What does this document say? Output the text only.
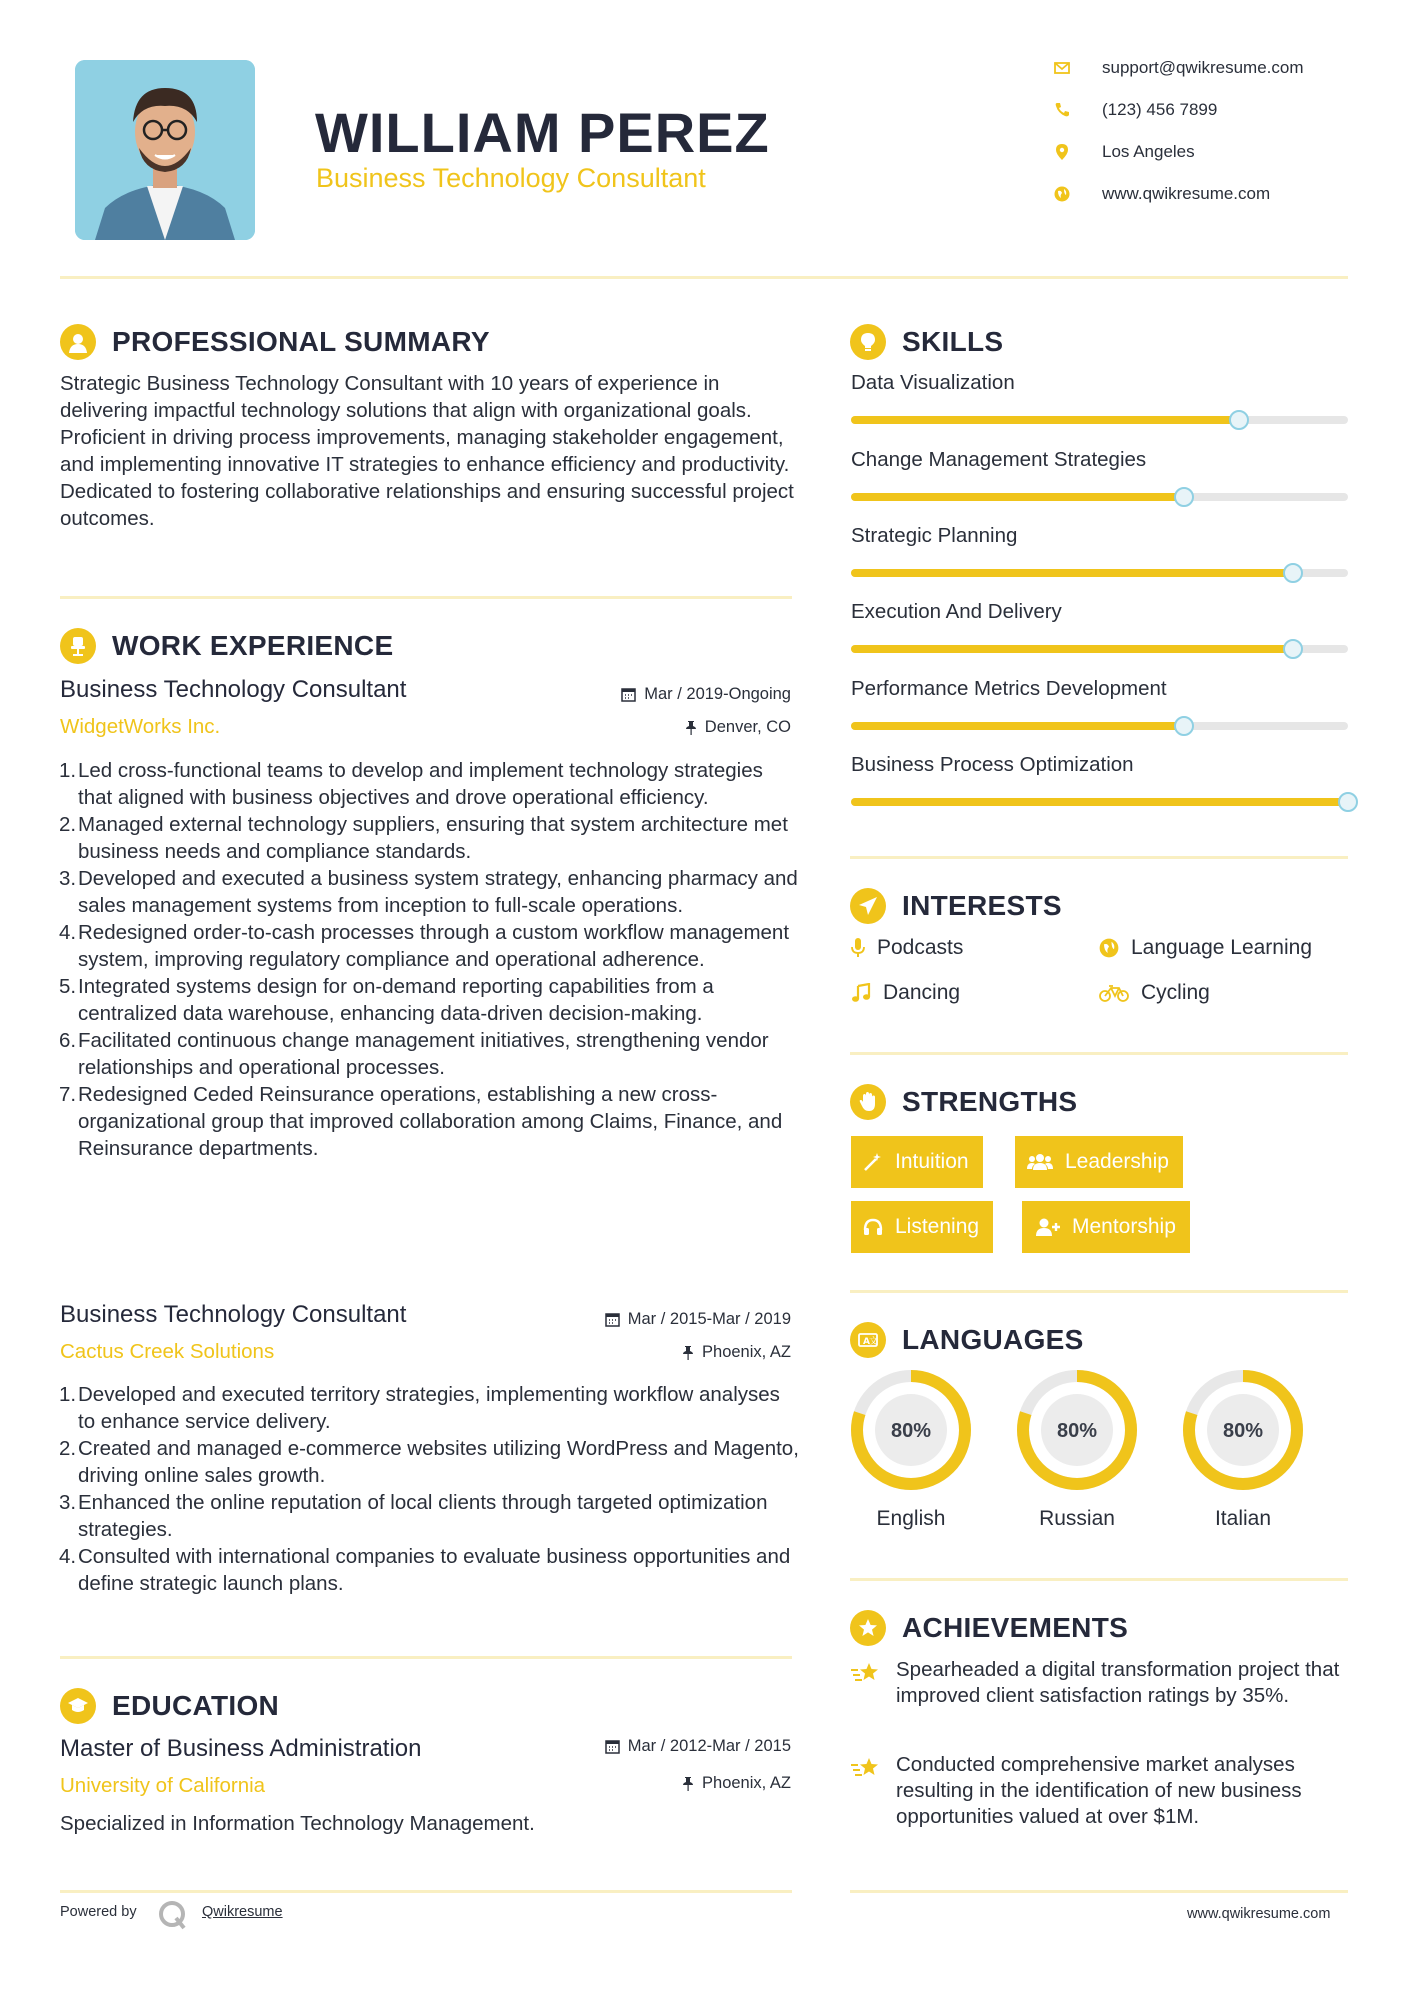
WILLIAM PEREZ
Business Technology Consultant
support@qwikresume.com
(123) 456 7899
Los Angeles
www.qwikresume.com
PROFESSIONAL SUMMARY
Strategic Business Technology Consultant with 10 years of experience in delivering impactful technology solutions that align with organizational goals. Proficient in driving process improvements, managing stakeholder engagement, and implementing innovative IT strategies to enhance efficiency and productivity. Dedicated to fostering collaborative relationships and ensuring successful project outcomes.
WORK EXPERIENCE
Business Technology Consultant
WidgetWorks Inc.
Mar / 2019-Ongoing
Denver, CO
1. Led cross-functional teams to develop and implement technology strategies that aligned with business objectives and drove operational efficiency.
2. Managed external technology suppliers, ensuring that system architecture met business needs and compliance standards.
3. Developed and executed a business system strategy, enhancing pharmacy and sales management systems from inception to full-scale operations.
4. Redesigned order-to-cash processes through a custom workflow management system, improving regulatory compliance and operational adherence.
5. Integrated systems design for on-demand reporting capabilities from a centralized data warehouse, enhancing data-driven decision-making.
6. Facilitated continuous change management initiatives, strengthening vendor relationships and operational processes.
7. Redesigned Ceded Reinsurance operations, establishing a new cross-organizational group that improved collaboration among Claims, Finance, and Reinsurance departments.
Business Technology Consultant
Cactus Creek Solutions
Mar / 2015-Mar / 2019
Phoenix, AZ
1. Developed and executed territory strategies, implementing workflow analyses to enhance service delivery.
2. Created and managed e-commerce websites utilizing WordPress and Magento, driving online sales growth.
3. Enhanced the online reputation of local clients through targeted optimization strategies.
4. Consulted with international companies to evaluate business opportunities and define strategic launch plans.
EDUCATION
Master of Business Administration
University of California
Mar / 2012-Mar / 2015
Phoenix, AZ
Specialized in Information Technology Management.
Powered by	Qwikresume
SKILLS
Data Visualization
Change Management Strategies
Strategic Planning
Execution And Delivery
Performance Metrics Development
Business Process Optimization
INTERESTS
Podcasts	Language Learning
Dancing	Cycling
STRENGTHS
Intuition	Leadership
Listening	Mentorship
A 文 LANGUAGES
80%
English
80%
Russian
80%
Italian
ACHIEVEMENTS
Spearheaded a digital transformation project that improved client satisfaction ratings by 35%.
Conducted comprehensive market analyses resulting in the identification of new business opportunities valued at over $1M.
www.qwikresume.com
